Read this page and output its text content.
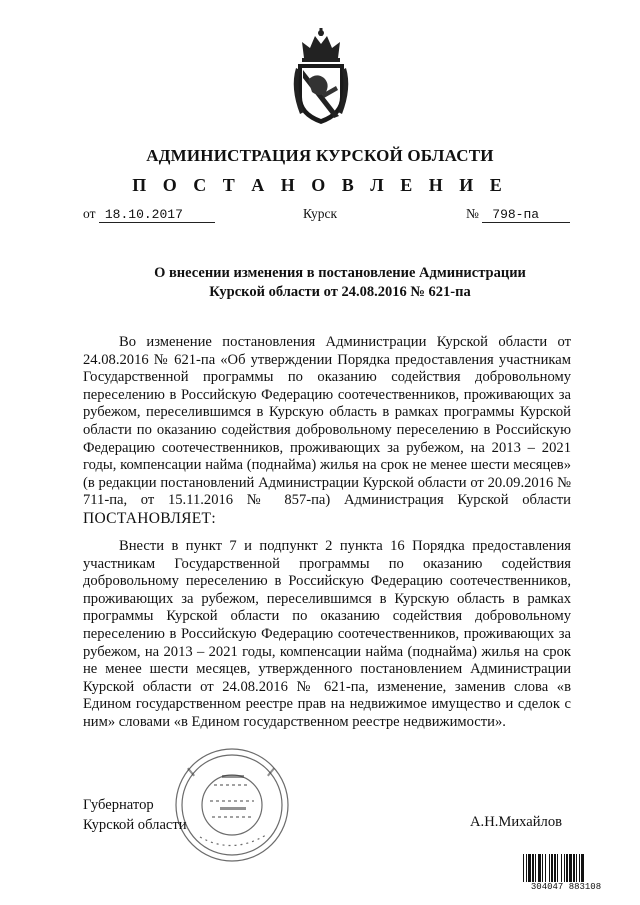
АДМИНИСТРАЦИЯ КУРСКОЙ ОБЛАСТИ
П О С Т А Н О В Л Е Н И Е
от 18.10.2017	Курск	№ 798-па
О внесении изменения в постановление Администрации
Курской области от 24.08.2016 № 621-па

Во изменение постановления Администрации Курской области от 24.08.2016 № 621-па «Об утверждении Порядка предоставления участникам Государственной программы по оказанию содействия добровольному переселению в Российскую Федерацию соотечественников, проживающих за рубежом, переселившимся в Курскую область в рамках программы Курской области по оказанию содействия добровольному переселению в Российскую Федерацию соотечественников, проживающих за рубежом, на 2013 – 2021 годы, компенсации найма (поднайма) жилья на срок не менее шести месяцев» (в редакции постановлений Администрации Курской области от 20.09.2016 № 711-па, от 15.11.2016 № 857-па) Администрация Курской области ПОСТАНОВЛЯЕТ:

Внести в пункт 7 и подпункт 2 пункта 16 Порядка предоставления участникам Государственной программы по оказанию содействия добровольному переселению в Российскую Федерацию соотечественников, проживающих за рубежом, переселившимся в Курскую область в рамках программы Курской области по оказанию содействия добровольному переселению в Российскую Федерацию соотечественников, проживающих за рубежом, на 2013 – 2021 годы, компенсации найма (поднайма) жилья на срок не менее шести месяцев, утвержденного постановлением Администрации Курской области от 24.08.2016 № 621-па, изменение, заменив слова «в Едином государственном реестре прав на недвижимое имущество и сделок с ним» словами «в Едином государственном реестре недвижимости».

Губернатор
Курской области	А.Н.Михайлов
304047 883108
